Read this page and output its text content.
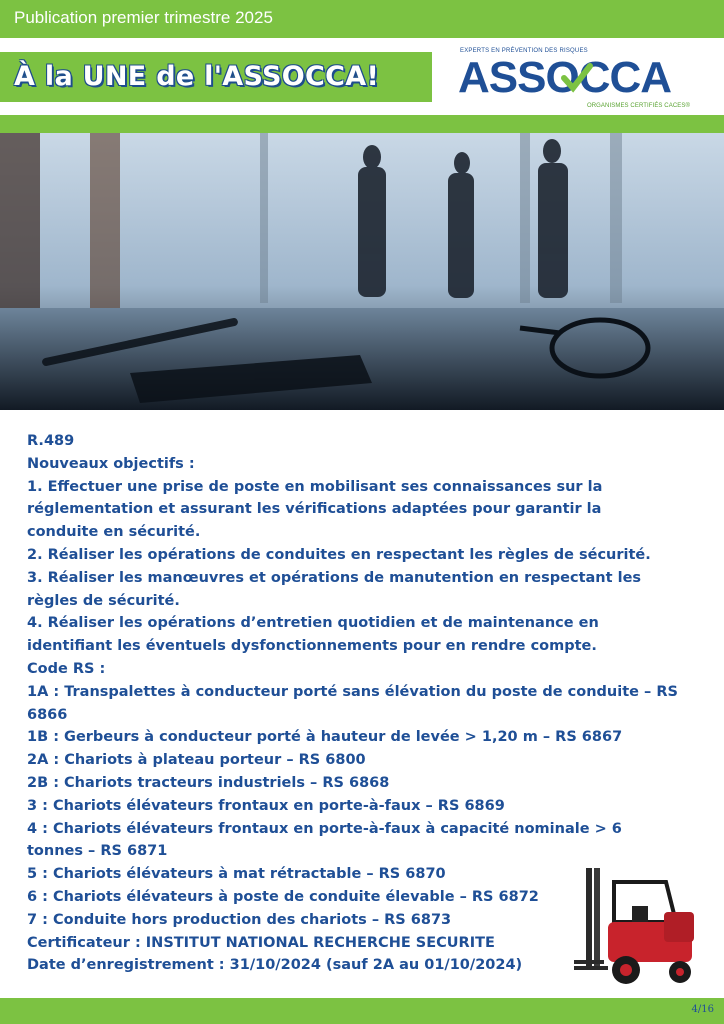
Publication premier trimestre 2025
À la UNE de l'ASSOCCA!
EXPERTS EN PRÉVENTION DES RISQUES
ASSOCCA
ORGANISMES CERTIFIÉS CACES®
R.489
Nouveaux objectifs :
1. Effectuer une prise de poste en mobilisant ses connaissances sur la
réglementation et assurant les vérifications adaptées pour garantir la
conduite en sécurité.
2. Réaliser les opérations de conduites en respectant les règles de sécurité.
3. Réaliser les manœuvres et opérations de manutention en respectant les
règles de sécurité.
4. Réaliser les opérations d’entretien quotidien et de maintenance en
identifiant les éventuels dysfonctionnements pour en rendre compte.
Code RS :
1A : Transpalettes à conducteur porté sans élévation du poste de conduite – RS
6866
1B : Gerbeurs à conducteur porté à hauteur de levée > 1,20 m – RS 6867
2A : Chariots à plateau porteur – RS 6800
2B : Chariots tracteurs industriels – RS 6868
3 : Chariots élévateurs frontaux en porte-à-faux – RS 6869
4 : Chariots élévateurs frontaux en porte-à-faux à capacité nominale > 6
tonnes – RS 6871
5 : Chariots élévateurs à mat rétractable – RS 6870
6 : Chariots élévateurs à poste de conduite élevable – RS 6872
7 : Conduite hors production des chariots – RS 6873
Certificateur : INSTITUT NATIONAL RECHERCHE SECURITE
Date d’enregistrement : 31/10/2024 (sauf 2A au 01/10/2024)
4/16
